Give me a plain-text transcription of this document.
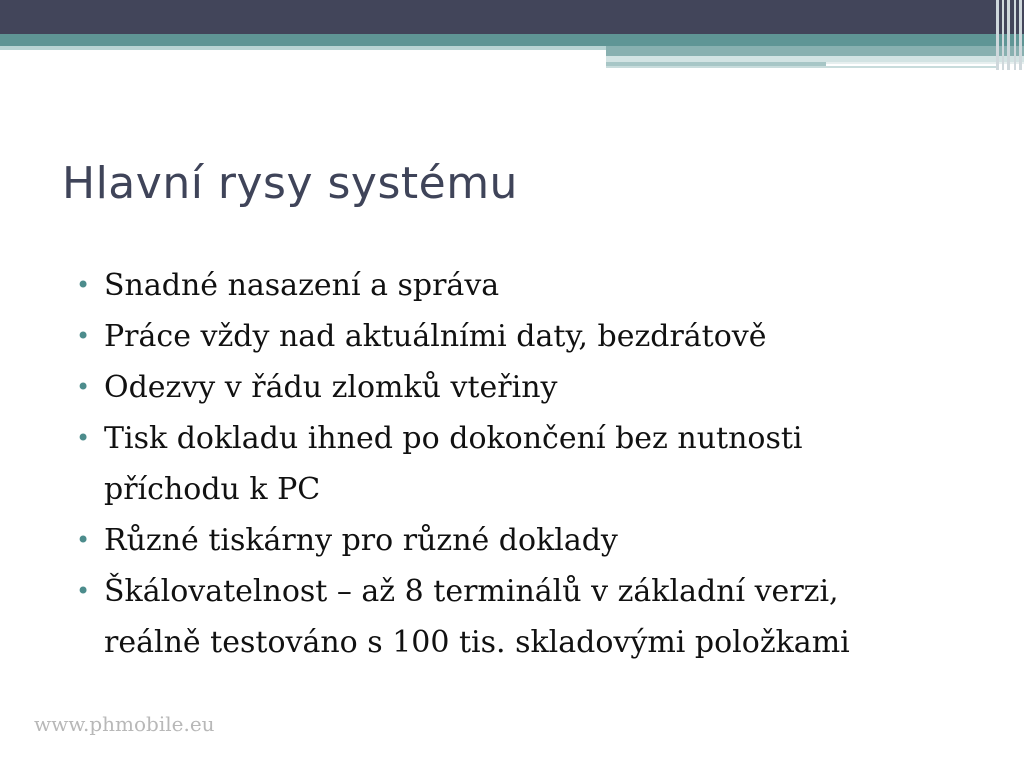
Hlavní rysy systému
• Snadné nasazení a správa
• Práce vždy nad aktuálními daty, bezdrátově
• Odezvy v řádu zlomků vteřiny
• Tisk dokladu ihned po dokončení bez nutnosti
příchodu k PC
• Různé tiskárny pro různé doklady
• Škálovatelnost – až 8 terminálů v základní verzi,
reálně testováno s 100 tis. skladovými položkami
www.phmobile.eu
